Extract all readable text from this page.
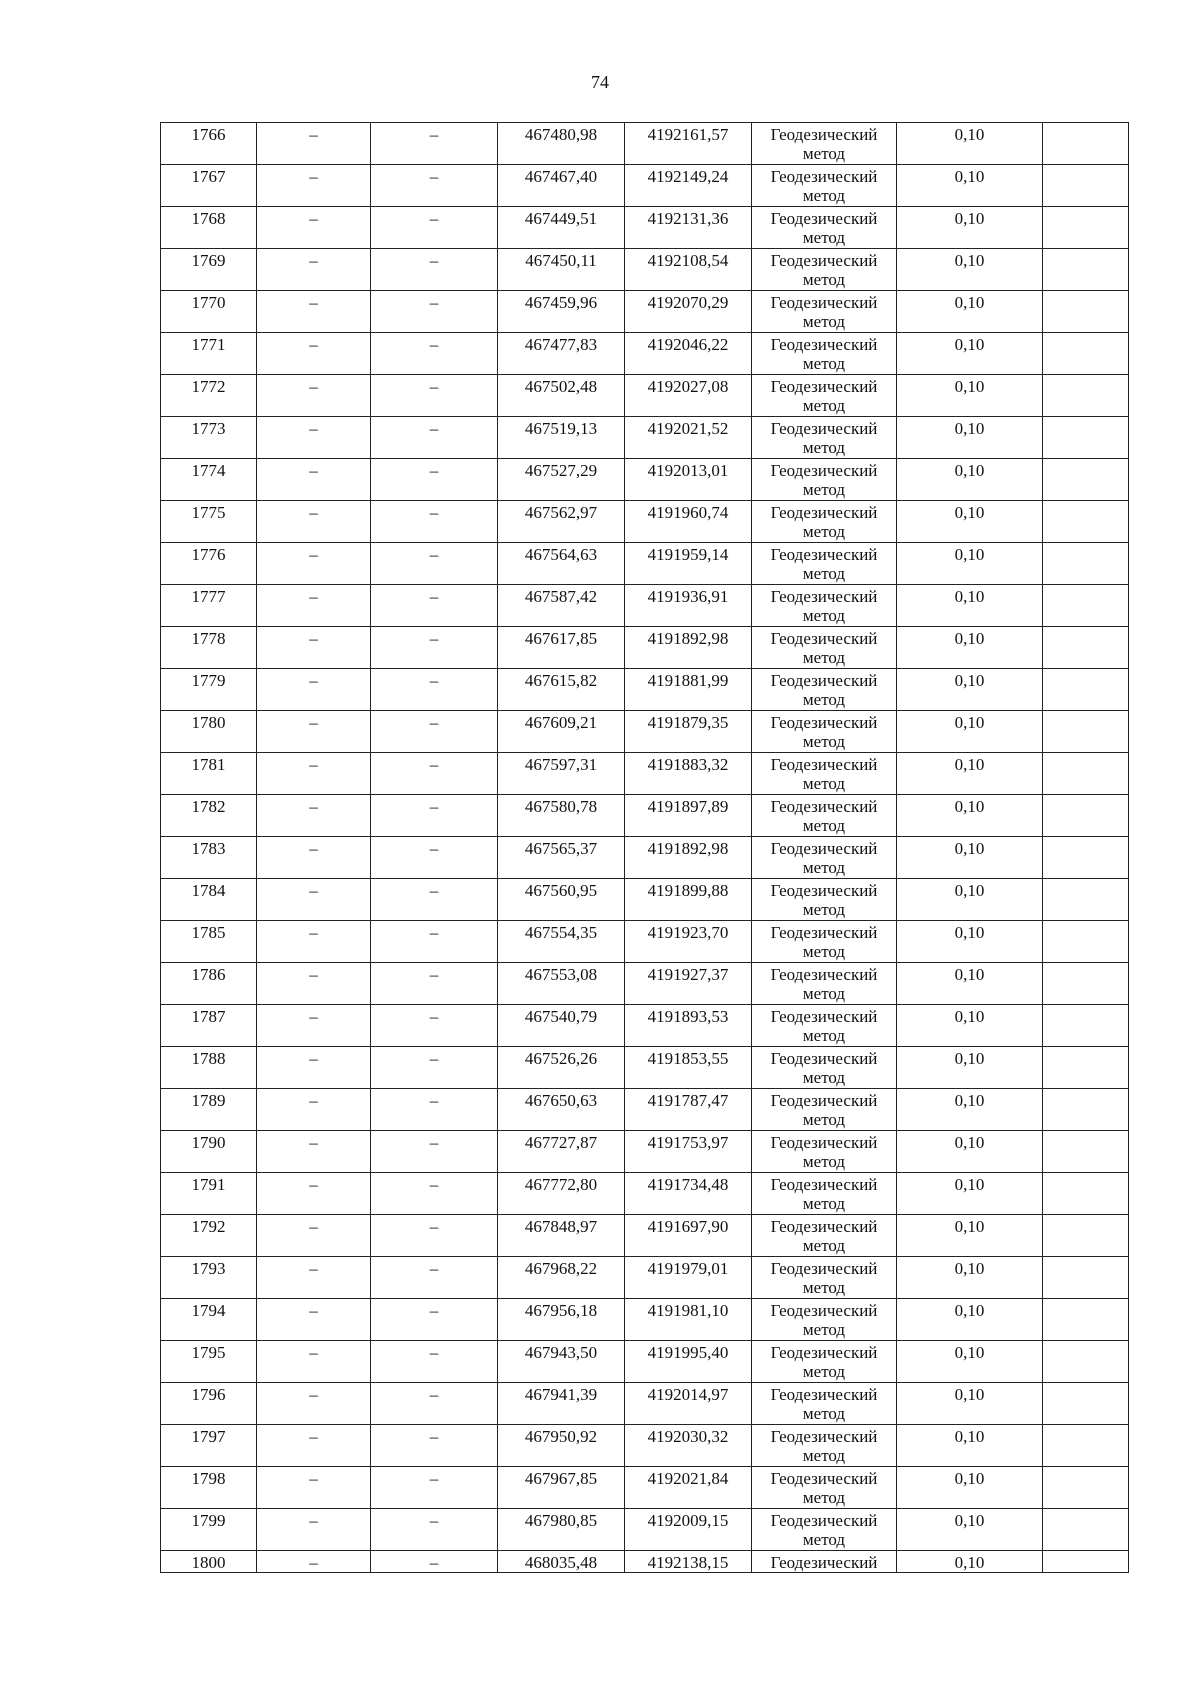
74
1766	–	–	467480,98	4192161,57	Геодезический метод	0,10	

1767	–	–	467467,40	4192149,24	Геодезический метод	0,10	

1768	–	–	467449,51	4192131,36	Геодезический метод	0,10	

1769	–	–	467450,11	4192108,54	Геодезический метод	0,10	

1770	–	–	467459,96	4192070,29	Геодезический метод	0,10	

1771	–	–	467477,83	4192046,22	Геодезический метод	0,10	

1772	–	–	467502,48	4192027,08	Геодезический метод	0,10	

1773	–	–	467519,13	4192021,52	Геодезический метод	0,10	

1774	–	–	467527,29	4192013,01	Геодезический метод	0,10	

1775	–	–	467562,97	4191960,74	Геодезический метод	0,10	

1776	–	–	467564,63	4191959,14	Геодезический метод	0,10	

1777	–	–	467587,42	4191936,91	Геодезический метод	0,10	

1778	–	–	467617,85	4191892,98	Геодезический метод	0,10	

1779	–	–	467615,82	4191881,99	Геодезический метод	0,10	

1780	–	–	467609,21	4191879,35	Геодезический метод	0,10	

1781	–	–	467597,31	4191883,32	Геодезический метод	0,10	

1782	–	–	467580,78	4191897,89	Геодезический метод	0,10	

1783	–	–	467565,37	4191892,98	Геодезический метод	0,10	

1784	–	–	467560,95	4191899,88	Геодезический метод	0,10	

1785	–	–	467554,35	4191923,70	Геодезический метод	0,10	

1786	–	–	467553,08	4191927,37	Геодезический метод	0,10	

1787	–	–	467540,79	4191893,53	Геодезический метод	0,10	

1788	–	–	467526,26	4191853,55	Геодезический метод	0,10	

1789	–	–	467650,63	4191787,47	Геодезический метод	0,10	

1790	–	–	467727,87	4191753,97	Геодезический метод	0,10	

1791	–	–	467772,80	4191734,48	Геодезический метод	0,10	

1792	–	–	467848,97	4191697,90	Геодезический метод	0,10	

1793	–	–	467968,22	4191979,01	Геодезический метод	0,10	

1794	–	–	467956,18	4191981,10	Геодезический метод	0,10	

1795	–	–	467943,50	4191995,40	Геодезический метод	0,10	

1796	–	–	467941,39	4192014,97	Геодезический метод	0,10	

1797	–	–	467950,92	4192030,32	Геодезический метод	0,10	

1798	–	–	467967,85	4192021,84	Геодезический метод	0,10	

1799	–	–	467980,85	4192009,15	Геодезический метод	0,10	

1800	–	–	468035,48	4192138,15	Геодезический	0,10	
